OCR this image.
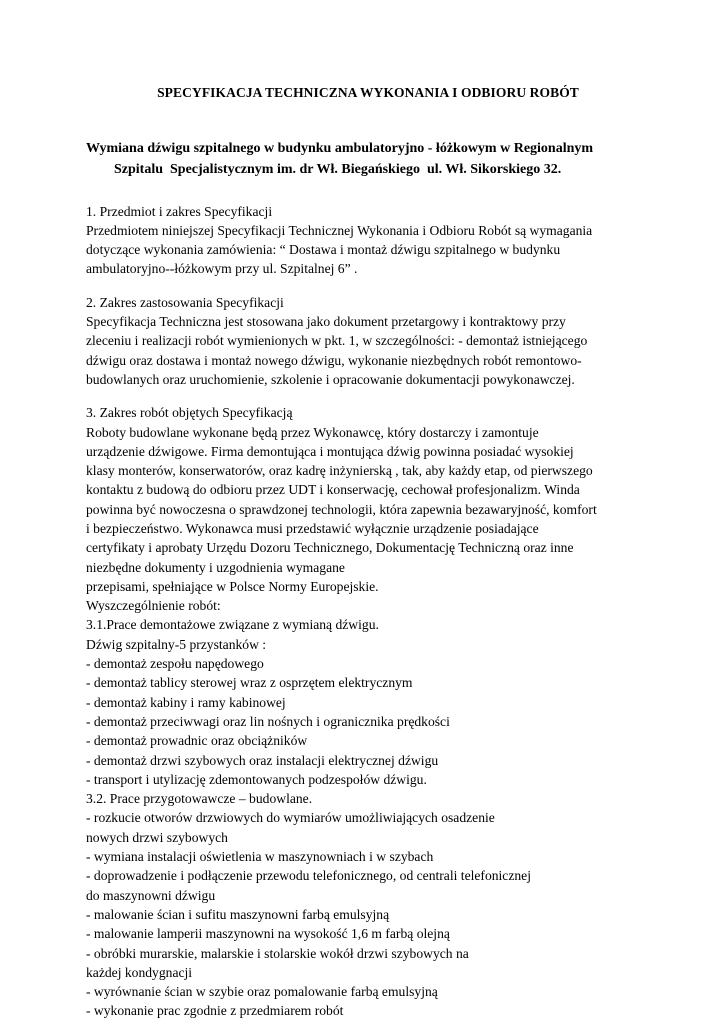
SPECYFIKACJA TECHNICZNA WYKONANIA I ODBIORU ROBÓT
Wymiana dźwigu szpitalnego w budynku ambulatoryjno - łóżkowym w Regionalnym
Szpitalu  Specjalistycznym im. dr Wł. Biegańskiego  ul. Wł. Sikorskiego 32.
1. Przedmiot i zakres Specyfikacji
Przedmiotem niniejszej Specyfikacji Technicznej Wykonania i Odbioru Robót są wymagania
dotyczące wykonania zamówienia: “ Dostawa i montaż dźwigu szpitalnego w budynku
ambulatoryjno--łóżkowym przy ul. Szpitalnej 6” .
2. Zakres zastosowania Specyfikacji
Specyfikacja Techniczna jest stosowana jako dokument przetargowy i kontraktowy przy
zleceniu i realizacji robót wymienionych w pkt. 1, w szczególności: - demontaż istniejącego
dźwigu oraz dostawa i montaż nowego dźwigu, wykonanie niezbędnych robót remontowo-
budowlanych oraz uruchomienie, szkolenie i opracowanie dokumentacji powykonawczej.
3. Zakres robót objętych Specyfikacją
Roboty budowlane wykonane będą przez Wykonawcę, który dostarczy i zamontuje
urządzenie dźwigowe. Firma demontująca i montująca dźwig powinna posiadać wysokiej
klasy monterów, konserwatorów, oraz kadrę inżynierską , tak, aby każdy etap, od pierwszego
kontaktu z budową do odbioru przez UDT i konserwację, cechował profesjonalizm. Winda
powinna być nowoczesna o sprawdzonej technologii, która zapewnia bezawaryjność, komfort
i bezpieczeństwo. Wykonawca musi przedstawić wyłącznie urządzenie posiadające
certyfikaty i aprobaty Urzędu Dozoru Technicznego, Dokumentację Techniczną oraz inne
niezbędne dokumenty i uzgodnienia wymagane
przepisami, spełniające w Polsce Normy Europejskie.
Wyszczególnienie robót:
3.1.Prace demontażowe związane z wymianą dźwigu.
Dźwig szpitalny-5 przystanków :
- demontaż zespołu napędowego
- demontaż tablicy sterowej wraz z osprzętem elektrycznym
- demontaż kabiny i ramy kabinowej
- demontaż przeciwwagi oraz lin nośnych i ogranicznika prędkości
- demontaż prowadnic oraz obciążników
- demontaż drzwi szybowych oraz instalacji elektrycznej dźwigu
- transport i utylizację zdemontowanych podzespołów dźwigu.
3.2. Prace przygotowawcze – budowlane.
- rozkucie otworów drzwiowych do wymiarów umożliwiających osadzenie
nowych drzwi szybowych
- wymiana instalacji oświetlenia w maszynowniach i w szybach
- doprowadzenie i podłączenie przewodu telefonicznego, od centrali telefonicznej
do maszynowni dźwigu
- malowanie ścian i sufitu maszynowni farbą emulsyjną
- malowanie lamperii maszynowni na wysokość 1,6 m farbą olejną
- obróbki murarskie, malarskie i stolarskie wokół drzwi szybowych na
każdej kondygnacji
- wyrównanie ścian w szybie oraz pomalowanie farbą emulsyjną
- wykonanie prac zgodnie z przedmiarem robót
